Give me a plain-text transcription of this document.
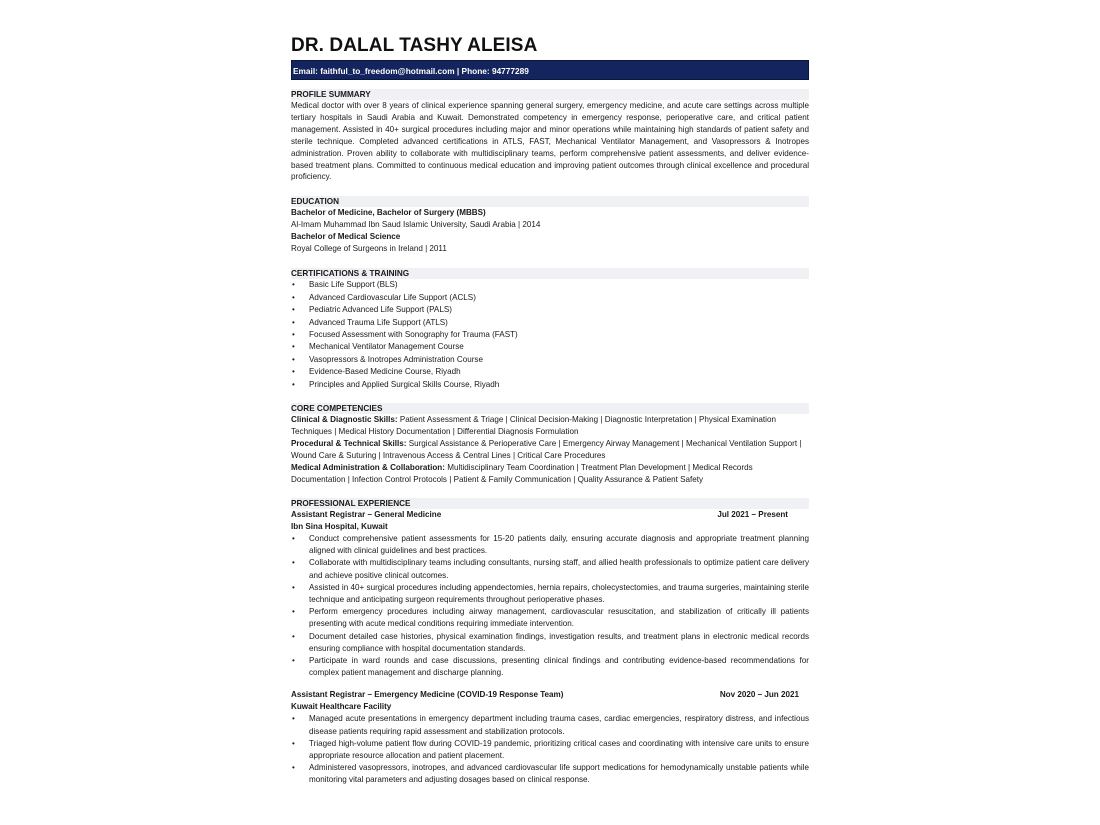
DR. DALAL TASHY ALEISA
Email: faithful_to_freedom@hotmail.com | Phone: 94777289
PROFILE SUMMARY

Medical doctor with over 8 years of clinical experience spanning general surgery, emergency medicine, and acute care settings across multiple tertiary hospitals in Saudi Arabia and Kuwait. Demonstrated competency in emergency response, perioperative care, and critical patient management. Assisted in 40+ surgical procedures including major and minor operations while maintaining high standards of patient safety and sterile technique. Completed advanced certifications in ATLS, FAST, Mechanical Ventilator Management, and Vasopressors & Inotropes administration. Proven ability to collaborate with multidisciplinary teams, perform comprehensive patient assessments, and deliver evidence-based treatment plans. Committed to continuous medical education and improving patient outcomes through clinical excellence and procedural proficiency.

EDUCATION

Bachelor of Medicine, Bachelor of Surgery (MBBS)

Al-Imam Muhammad Ibn Saud Islamic University, Saudi Arabia | 2014

Bachelor of Medical Science

Royal College of Surgeons in Ireland | 2011

CERTIFICATIONS & TRAINING
• Basic Life Support (BLS)
• Advanced Cardiovascular Life Support (ACLS)
• Pediatric Advanced Life Support (PALS)
• Advanced Trauma Life Support (ATLS)
• Focused Assessment with Sonography for Trauma (FAST)
• Mechanical Ventilator Management Course
• Vasopressors & Inotropes Administration Course
• Evidence-Based Medicine Course, Riyadh
• Principles and Applied Surgical Skills Course, Riyadh
CORE COMPETENCIES

Clinical & Diagnostic Skills: Patient Assessment & Triage | Clinical Decision-Making | Diagnostic Interpretation | Physical Examination Techniques | Medical History Documentation | Differential Diagnosis Formulation

Procedural & Technical Skills: Surgical Assistance & Perioperative Care | Emergency Airway Management | Mechanical Ventilation Support | Wound Care & Suturing | Intravenous Access & Central Lines | Critical Care Procedures

Medical Administration & Collaboration: Multidisciplinary Team Coordination | Treatment Plan Development | Medical Records Documentation | Infection Control Protocols | Patient & Family Communication | Quality Assurance & Patient Safety

PROFESSIONAL EXPERIENCE
Assistant Registrar – General Medicine	Jul 2021 – Present

Ibn Sina Hospital, Kuwait

• Conduct comprehensive patient assessments for 15-20 patients daily, ensuring accurate diagnosis and appropriate treatment planning aligned with clinical guidelines and best practices.
• Collaborate with multidisciplinary teams including consultants, nursing staff, and allied health professionals to optimize patient care delivery and achieve positive clinical outcomes.
• Assisted in 40+ surgical procedures including appendectomies, hernia repairs, cholecystectomies, and trauma surgeries, maintaining sterile technique and anticipating surgeon requirements throughout perioperative phases.
• Perform emergency procedures including airway management, cardiovascular resuscitation, and stabilization of critically ill patients presenting with acute medical conditions requiring immediate intervention.
• Document detailed case histories, physical examination findings, investigation results, and treatment plans in electronic medical records ensuring compliance with hospital documentation standards.
• Participate in ward rounds and case discussions, presenting clinical findings and contributing evidence-based recommendations for complex patient management and discharge planning.
Assistant Registrar – Emergency Medicine (COVID-19 Response Team)	Nov 2020 – Jun 2021

Kuwait Healthcare Facility

• Managed acute presentations in emergency department including trauma cases, cardiac emergencies, respiratory distress, and infectious disease patients requiring rapid assessment and stabilization protocols.
• Triaged high-volume patient flow during COVID-19 pandemic, prioritizing critical cases and coordinating with intensive care units to ensure appropriate resource allocation and patient placement.
• Administered vasopressors, inotropes, and advanced cardiovascular life support medications for hemodynamically unstable patients while monitoring vital parameters and adjusting dosages based on clinical response.
